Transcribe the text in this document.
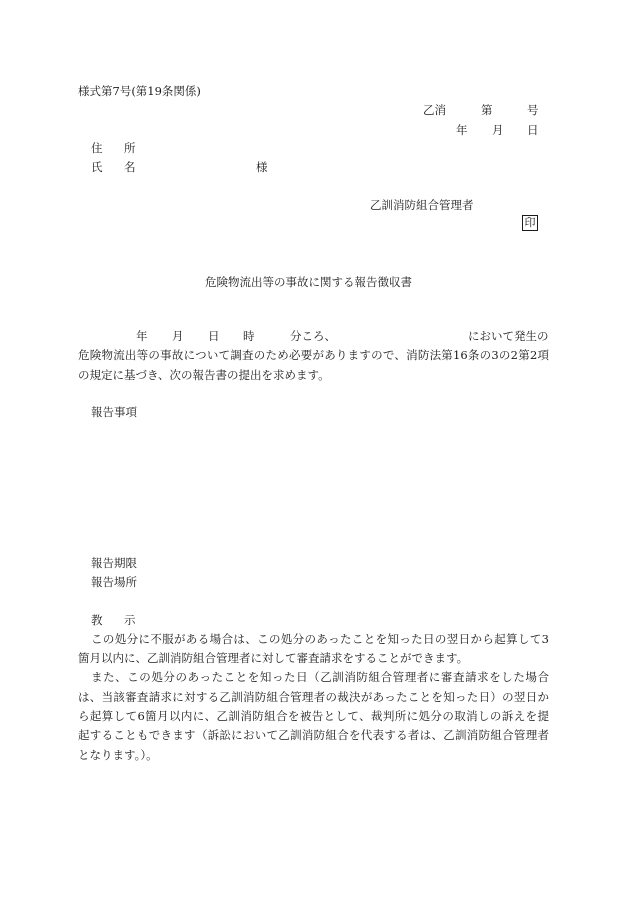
様式第7号(第19条関係)
乙消	第	号
年 月 日
住 所
氏 名	様
乙訓消防組合管理者
印
危険物流出等の事故に関する報告徴収書
年 月 日 時	分ころ、	において発生の
危険物流出等の事故について調査のため必要がありますので、消防法第16条の3の2第2項
の規定に基づき、次の報告書の提出を求めます。
報告事項
報告期限
報告場所
教 示
この処分に不服がある場合は、この処分のあったことを知った日の翌日から起算して3
箇月以内に、乙訓消防組合管理者に対して審査請求をすることができます。
また、この処分のあったことを知った日（乙訓消防組合管理者に審査請求をした場合
は、当該審査請求に対する乙訓消防組合管理者の裁決があったことを知った日）の翌日か
ら起算して6箇月以内に、乙訓消防組合を被告として、裁判所に処分の取消しの訴えを提
起することもできます（訴訟において乙訓消防組合を代表する者は、乙訓消防組合管理者
となります。）。
